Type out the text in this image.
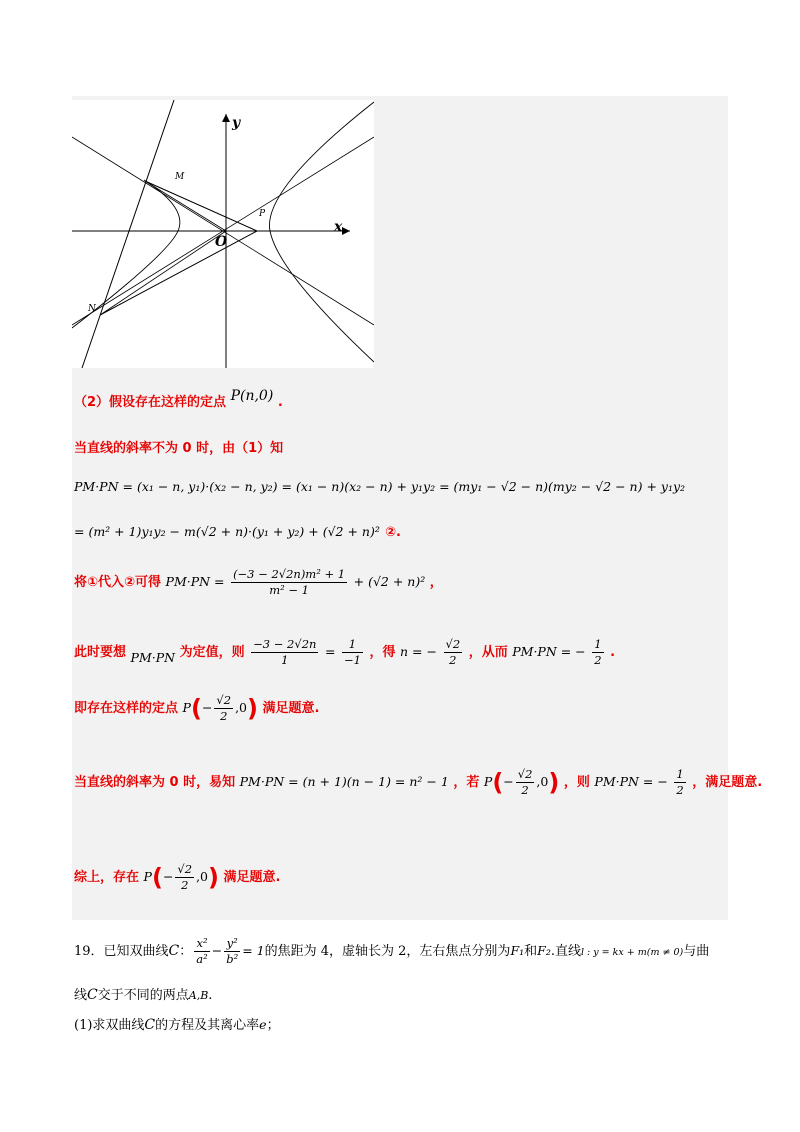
y
x
O
M
N
P
（2）假设存在这样的定点 P(n,0) .
当直线的斜率不为 0 时，由（1）知
PM·PN = (x₁ − n, y₁)·(x₂ − n, y₂) = (x₁ − n)(x₂ − n) + y₁y₂ = (my₁ − √2 − n)(my₂ − √2 − n) + y₁y₂
= (m² + 1)y₁y₂ − m(√2 + n)·(y₁ + y₂) + (√2 + n)² ②.
将①代入②可得 $PM\cdot PN = \frac{\text{(−3 − 2√2n)m² + 1}}{\text{m² − 1}} + (√2 + n)^2$ ，
此时要想 PM·PN 为定值，则 $\frac{-3 - 2√2n}{1} = \frac{1}{-1}$ ，得 n = − $\frac{√2}{2}$ ，从而 PM·PN = − $\frac{1}{2}$ .
即存在这样的定点 $P(- \frac{√2}{2} ,0)$ 满足题意.
当直线的斜率为 0 时，易知 PM·PN = (n + 1)(n − 1) = n² − 1 ，若 $P(- \frac{√2}{2} ,0)$ ，则 PM·PN = − $\frac{1}{2}$ ，满足题意.
综上，存在 $P(- \frac{√2}{2} ,0)$ 满足题意.
19．已知双曲线C： $\frac{\text{x²}}{\text{a²}} - \frac{\text{y²}}{\text{b²}} = 1$的焦距为 4，虚轴长为 2，左右焦点分别为F₁和F₂.直线l : y = kx + m(m ≠ 0)与曲
线C交于不同的两点A,B.
(1)求双曲线C的方程及其离心率e；
